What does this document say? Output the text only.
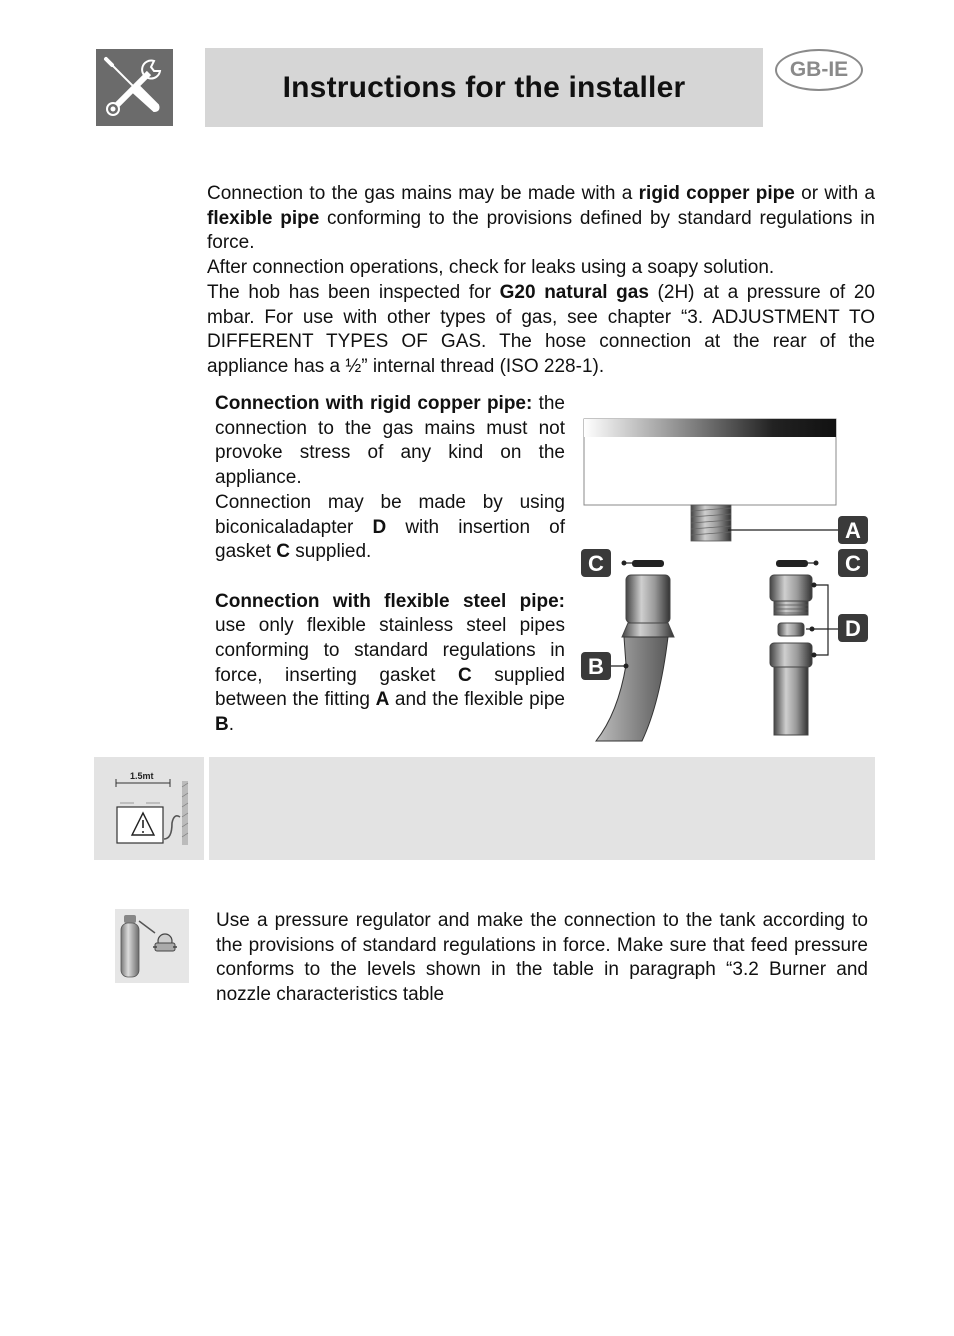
Instructions for the installer
GB-IE

Connection to the gas mains may be made with a rigid copper pipe or with a flexible pipe conforming to the provisions defined by standard regulations in force.

After connection operations, check for leaks using a soapy solution.

The hob has been inspected for G20 natural gas (2H) at a pressure of 20 mbar. For use with other types of gas, see chapter “3. ADJUSTMENT TO DIFFERENT TYPES OF GAS. The hose connection at the rear of the appliance has a ½” internal thread (ISO 228-1).

Connection with rigid copper pipe: the connection to the gas mains must not provoke stress of any kind on the appliance.

Connection may be made by using biconicaladapter D with insertion of gasket C supplied.

Connection with flexible steel pipe: use only flexible stainless steel pipes conforming to standard regulations in force, inserting gasket C supplied between the fitting A and the flexible pipe B.

A
C
D
C
B
1.5mt

Use a pressure regulator and make the connection to the tank according to the provisions of standard regulations in force. Make sure that feed pressure conforms to the levels shown in the table in paragraph “3.2 Burner and nozzle characteristics table
